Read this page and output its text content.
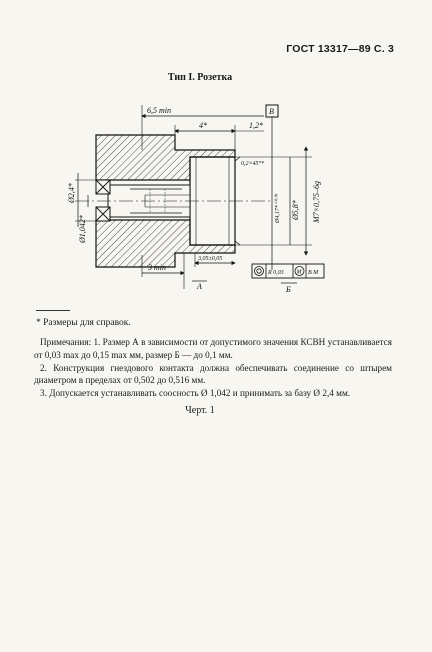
ГОСТ 13317—89 С. 3
Тип I. Розетка
6,5 min
4*	1,2*
B
M7×0,75–6g
Ø5,8*
Ø4,17*⁺⁰·⁰³
0,2×45°*
Ø2,4*
Ø1,042*
3 min
3,05±0,05
А
R 0,03 M B M
Б
* Размеры для справок.

Примечания: 1. Размер А в зависимости от допустимого значения КСВН устанавливается от 0,03 max до 0,15 max мм, размер Б — до 0,1 мм.

2. Конструкция гнездового контакта должна обеспечивать соединение со штырем диаметром в пределах от 0,502 до 0,516 мм.

3. Допускается устанавливать соосность Ø 1,042 и принимать за базу Ø 2,4 мм.

Черт. 1
